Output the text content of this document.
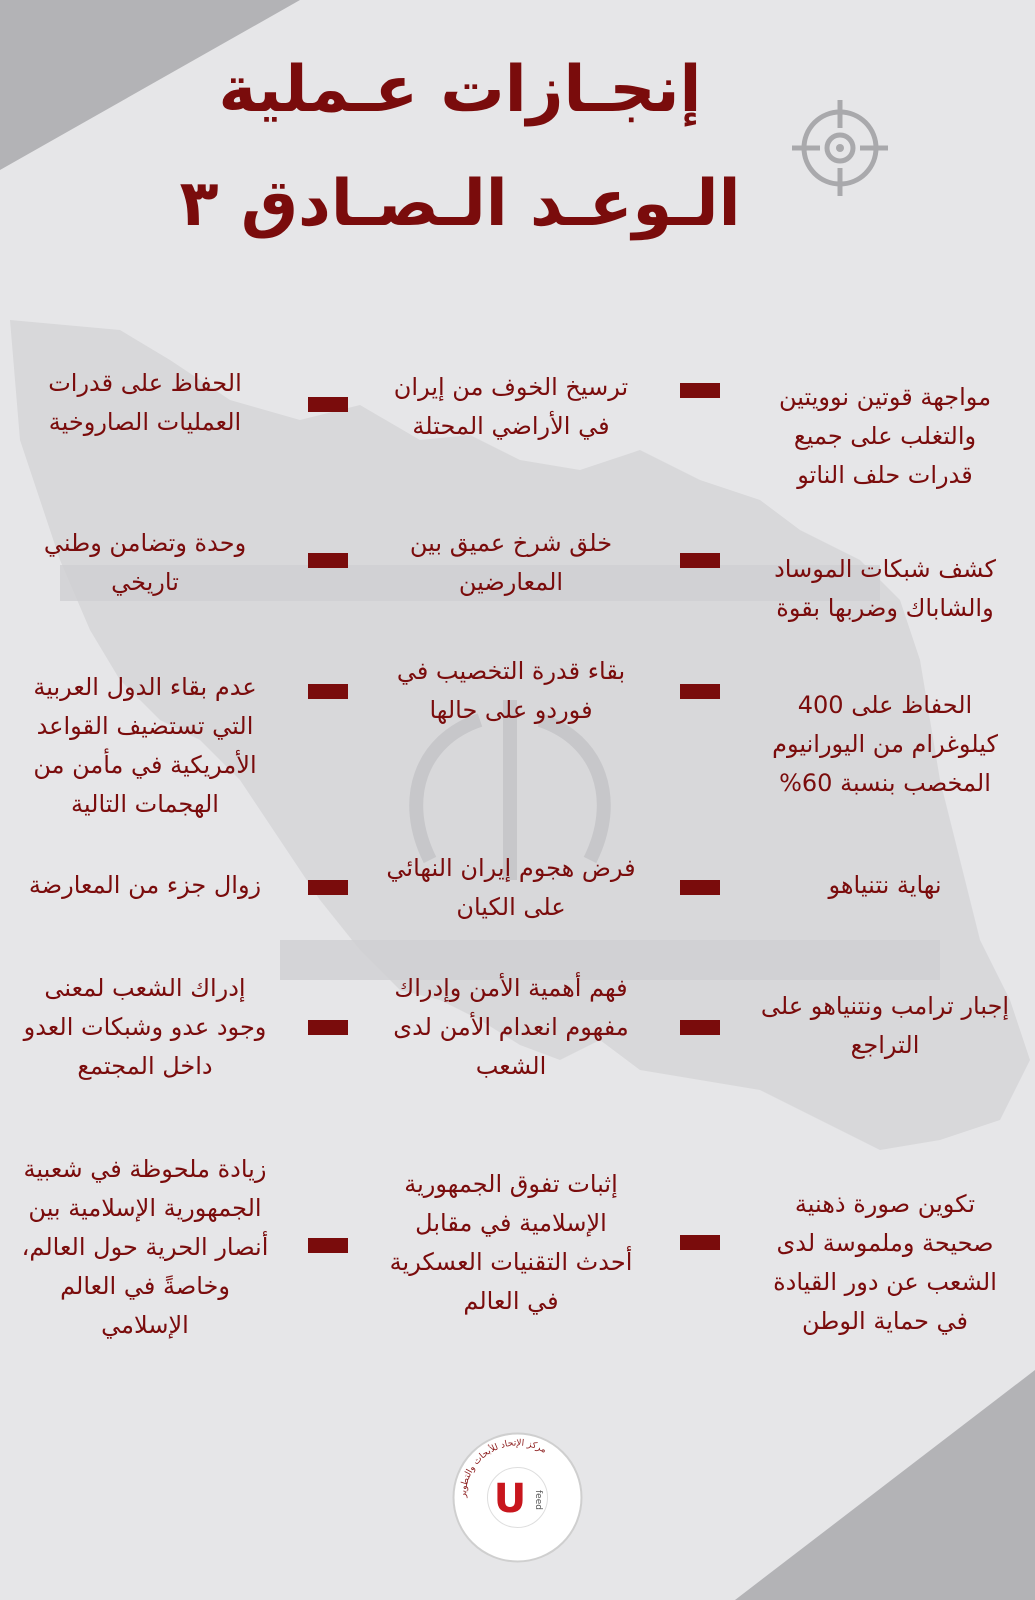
إنجـازات عـملية
الـوعـد الـصـادق ٣
مواجهة قوتين نوويتين والتغلب على جميع قدرات حلف الناتو
ترسيخ الخوف من إيران في الأراضي المحتلة
الحفاظ على قدرات العمليات الصاروخية
كشف شبكات الموساد والشاباك وضربها بقوة
خلق شرخ عميق بين المعارضين
وحدة وتضامن وطني تاريخي
الحفاظ على 400 كيلوغرام من اليورانيوم المخصب بنسبة 60%
بقاء قدرة التخصيب في فوردو على حالها
عدم بقاء الدول العربية التي تستضيف القواعد الأمريكية في مأمن من الهجمات التالية
نهاية نتنياهو
فرض هجوم إيران النهائي على الكيان
زوال جزء من المعارضة
إجبار ترامب ونتنياهو على التراجع
فهم أهمية الأمن وإدراك مفهوم انعدام الأمن لدى الشعب
إدراك الشعب لمعنى وجود عدو وشبكات العدو داخل المجتمع
تكوين صورة ذهنية صحيحة وملموسة لدى الشعب عن دور القيادة في حماية الوطن
إثبات تفوق الجمهورية الإسلامية في مقابل أحدث التقنيات العسكرية في العالم
زيادة ملحوظة في شعبية الجمهورية الإسلامية بين أنصار الحرية حول العالم، وخاصةً في العالم الإسلامي
مركز الإتحاد للأبحاث والتطوير
U feed
